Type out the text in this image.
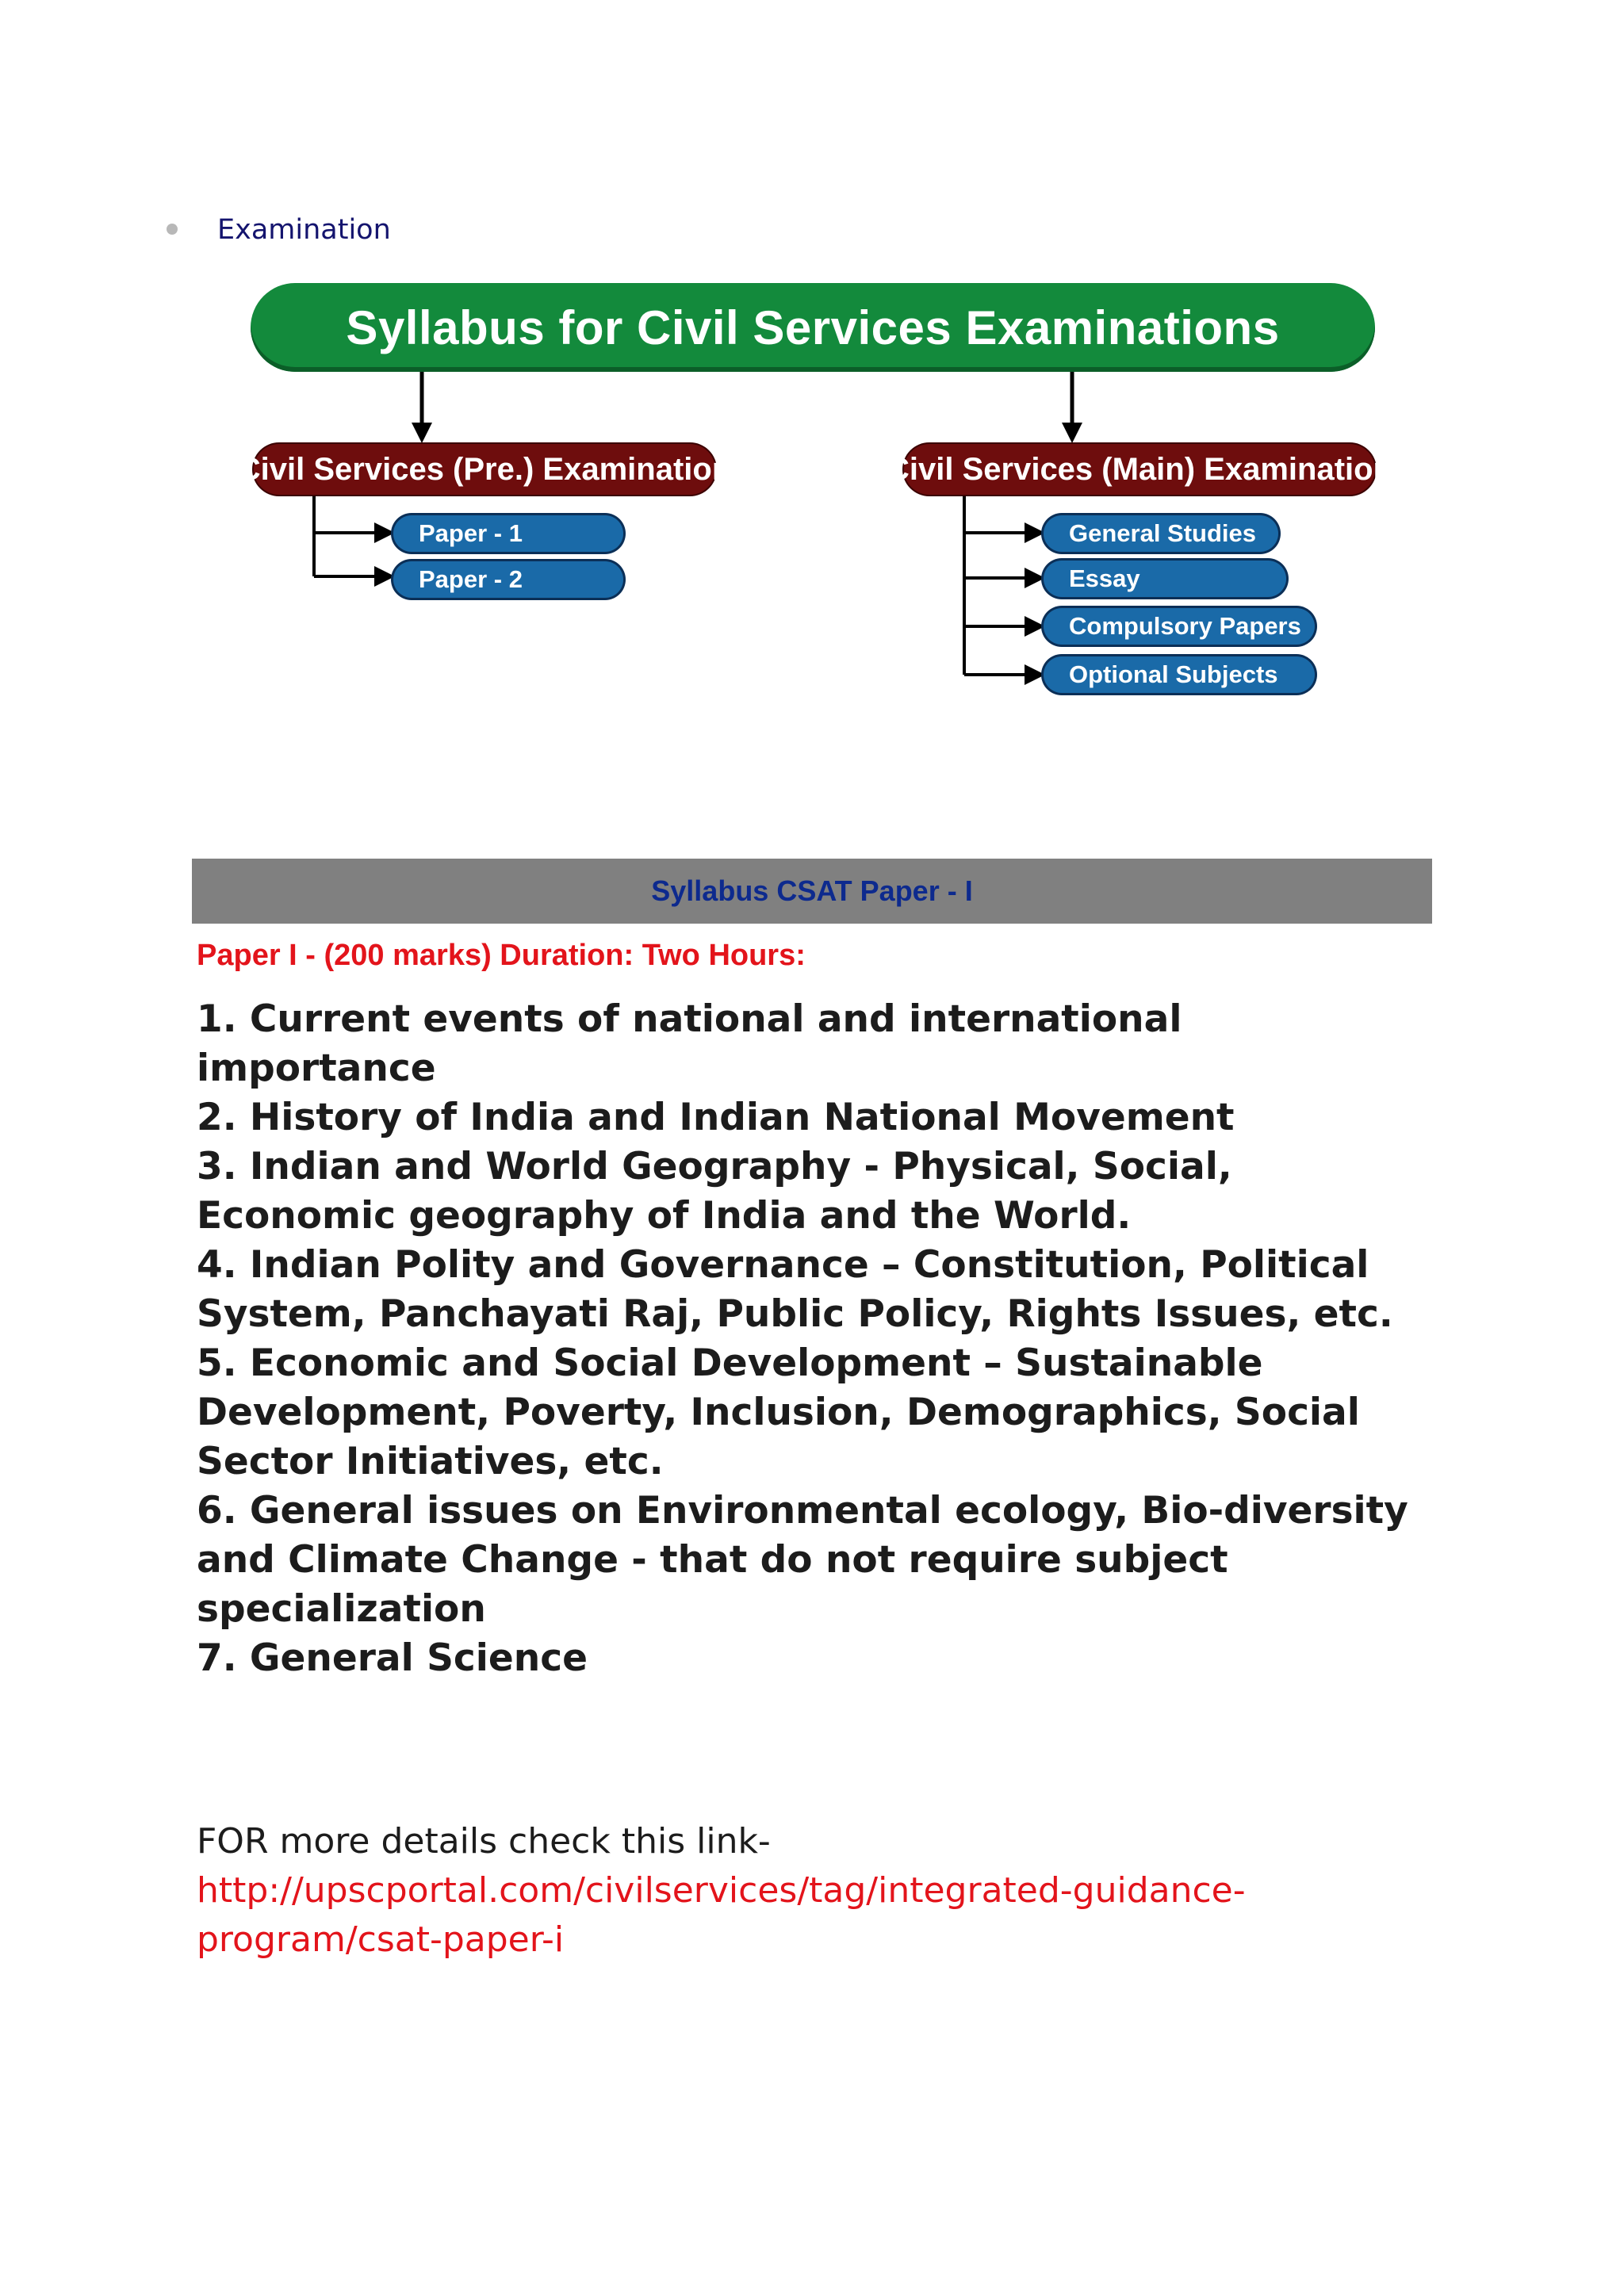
Examination
Syllabus for Civil Services Examinations
Civil Services (Pre.) Examination	Civil Services (Main) Examination
Paper - 1
Paper - 2
General Studies
Essay
Compulsory Papers
Optional Subjects
Syllabus CSAT Paper - I
Paper I - (200 marks) Duration: Two Hours:
1. Current events of national and international importance
2. History of India and Indian National Movement
3. Indian and World Geography - Physical, Social, Economic geography of India and the World.
4. Indian Polity and Governance – Constitution, Political System, Panchayati Raj, Public Policy, Rights Issues, etc.
5. Economic and Social Development – Sustainable Development, Poverty, Inclusion, Demographics, Social Sector Initiatives, etc.
6. General issues on Environmental ecology, Bio-diversity and Climate Change - that do not require subject specialization
7. General Science
FOR more details check this link-
http://upscportal.com/civilservices/tag/integrated-guidance-
program/csat-paper-i
